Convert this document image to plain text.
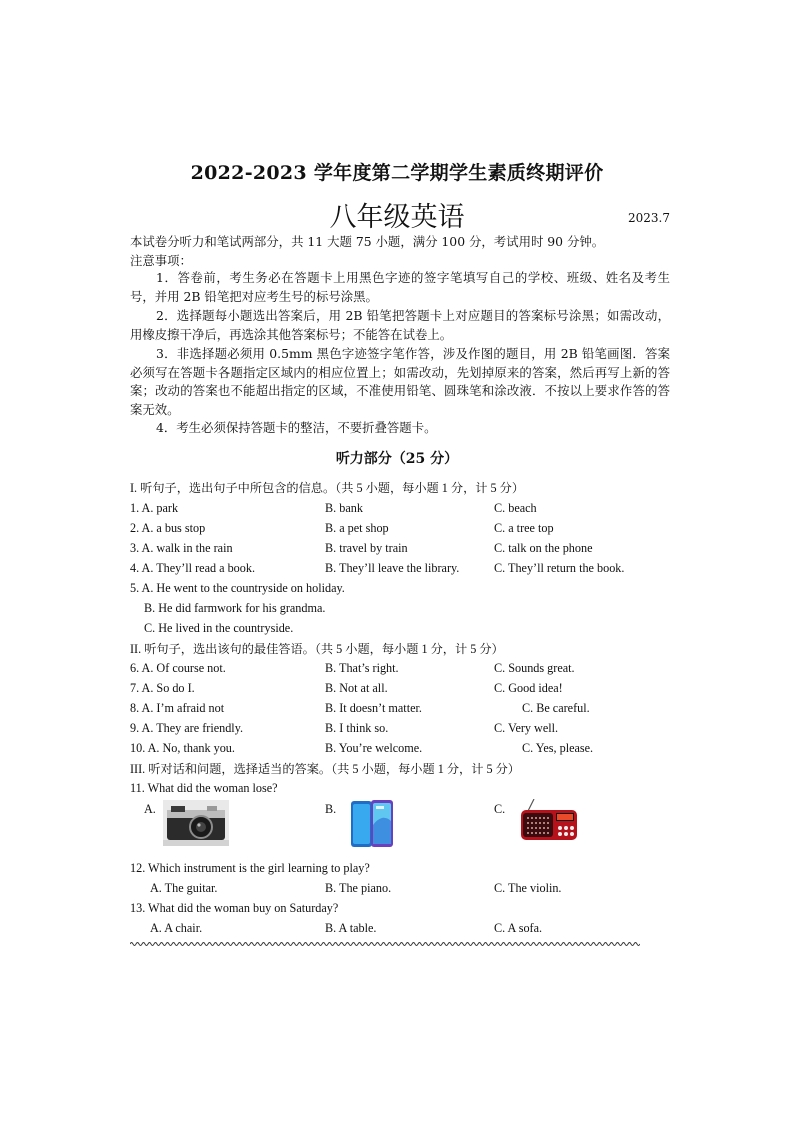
2022-2023 学年度第二学期学生素质终期评价
八年级英语	2023.7
本试卷分听力和笔试两部分，共 11 大题 75 小题，满分 100 分，考试用时 90 分钟。
注意事项：
1．答卷前，考生务必在答题卡上用黑色字迹的签字笔填写自己的学校、班级、姓名及考生号，并用 2B 铅笔把对应考生号的标号涂黑。
2．选择题每小题选出答案后，用 2B 铅笔把答题卡上对应题目的答案标号涂黑；如需改动，用橡皮擦干净后，再选涂其他答案标号；不能答在试卷上。
3．非选择题必须用 0.5mm 黑色字迹签字笔作答，涉及作图的题目，用 2B 铅笔画图．答案必须写在答题卡各题指定区域内的相应位置上；如需改动，先划掉原来的答案，然后再写上新的答案；改动的答案也不能超出指定的区域，不准使用铅笔、圆珠笔和涂改液．不按以上要求作答的答案无效。
4．考生必须保持答题卡的整洁，不要折叠答题卡。
听力部分（25 分）
I. 听句子，选出句子中所包含的信息。（共 5 小题，每小题 1 分，计 5 分）
1. A. park	B. bank	C. beach
2. A. a bus stop	B. a pet shop	C. a tree top
3. A. walk in the rain	B. travel by train	C. talk on the phone
4. A. They’ll read a book.	B. They’ll leave the library.	C. They’ll return the book.
5. A. He went to the countryside on holiday.
B. He did farmwork for his grandma.
C. He lived in the countryside.
II. 听句子，选出该句的最佳答语。（共 5 小题，每小题 1 分，计 5 分）
6. A. Of course not.	B. That’s right.	C. Sounds great.
7. A. So do I.	B. Not at all.	C. Good idea!
8. A. I’m afraid not	B. It doesn’t matter.	C. Be careful.
9. A. They are friendly.	B. I think so.	C. Very well.
10. A. No, thank you.	B. You’re welcome.	C. Yes, please.
III. 听对话和问题，选择适当的答案。（共 5 小题，每小题 1 分，计 5 分）
11. What did the woman lose?
A.	B.	C.
12. Which instrument is the girl learning to play?
A. The guitar.	B. The piano.	C. The violin.
13. What did the woman buy on Saturday?
A. A chair.	B. A table.	C. A sofa.
